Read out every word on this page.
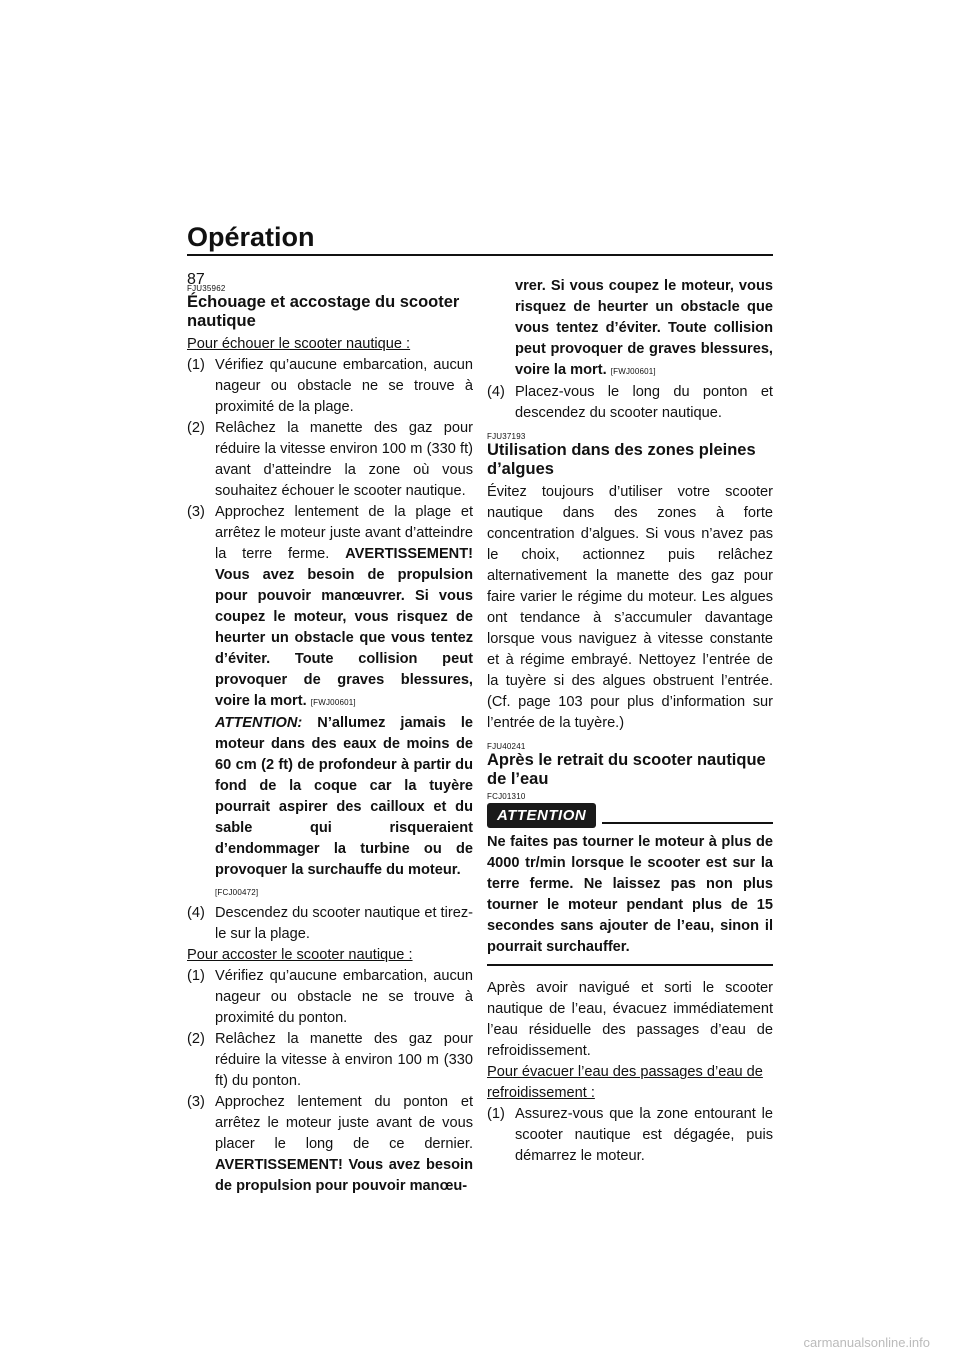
Opération
87
FJU35962
Échouage et accostage du scooter nautique

Pour échouer le scooter nautique :

(1) Vérifiez qu’aucune embarcation, aucun nageur ou obstacle ne se trouve à proximité de la plage.
(2) Relâchez la manette des gaz pour réduire la vitesse environ 100 m (330 ft) avant d’atteindre la zone où vous souhaitez échouer le scooter nautique.
(3) Approchez lentement de la plage et arrêtez le moteur juste avant d’atteindre la terre ferme. AVERTISSEMENT! Vous avez besoin de propulsion pour pouvoir manœuvrer. Si vous coupez le moteur, vous risquez de heurter un obstacle que vous tentez d’éviter. Toute collision peut provoquer de graves blessures, voire la mort. [FWJ00601]
ATTENTION: N’allumez jamais le moteur dans des eaux de moins de 60 cm (2 ft) de profondeur à partir du fond de la coque car la tuyère pourrait aspirer des cailloux et du sable qui risqueraient d’endommager la turbine ou de provoquer la surchauffe du moteur.
[FCJ00472]
(4) Descendez du scooter nautique et tirez-le sur la plage.

Pour accoster le scooter nautique :

(1) Vérifiez qu’aucune embarcation, aucun nageur ou obstacle ne se trouve à proximité du ponton.
(2) Relâchez la manette des gaz pour réduire la vitesse à environ 100 m (330 ft) du ponton.
(3) Approchez lentement du ponton et arrêtez le moteur juste avant de vous placer le long de ce dernier. AVERTISSEMENT! Vous avez besoin de propulsion pour pouvoir manœu-
vrer. Si vous coupez le moteur, vous risquez de heurter un obstacle que vous tentez d’éviter. Toute collision peut provoquer de graves blessures, voire la mort. [FWJ00601]
(4) Placez-vous le long du ponton et descendez du scooter nautique.
FJU37193
Utilisation dans des zones pleines d’algues

Évitez toujours d’utiliser votre scooter nautique dans des zones à forte concentration d’algues. Si vous n’avez pas le choix, actionnez puis relâchez alternativement la manette des gaz pour faire varier le régime du moteur. Les algues ont tendance à s’accumuler davantage lorsque vous naviguez à vitesse constante et à régime embrayé. Nettoyez l’entrée de la tuyère si des algues obstruent l’entrée. (Cf. page 103 pour plus d’information sur l’entrée de la tuyère.)

FJU40241
Après le retrait du scooter nautique de l’eau
FCJ01310
ATTENTION
Ne faites pas tourner le moteur à plus de 4000 tr/min lorsque le scooter est sur la terre ferme. Ne laissez pas non plus tourner le moteur pendant plus de 15 secondes sans ajouter de l’eau, sinon il pourrait surchauffer.

Après avoir navigué et sorti le scooter nautique de l’eau, évacuez immédiatement l’eau résiduelle des passages d’eau de refroidissement.

Pour évacuer l’eau des passages d’eau de refroidissement :

(1) Assurez-vous que la zone entourant le scooter nautique est dégagée, puis démarrez le moteur.
carmanualsonline.info
